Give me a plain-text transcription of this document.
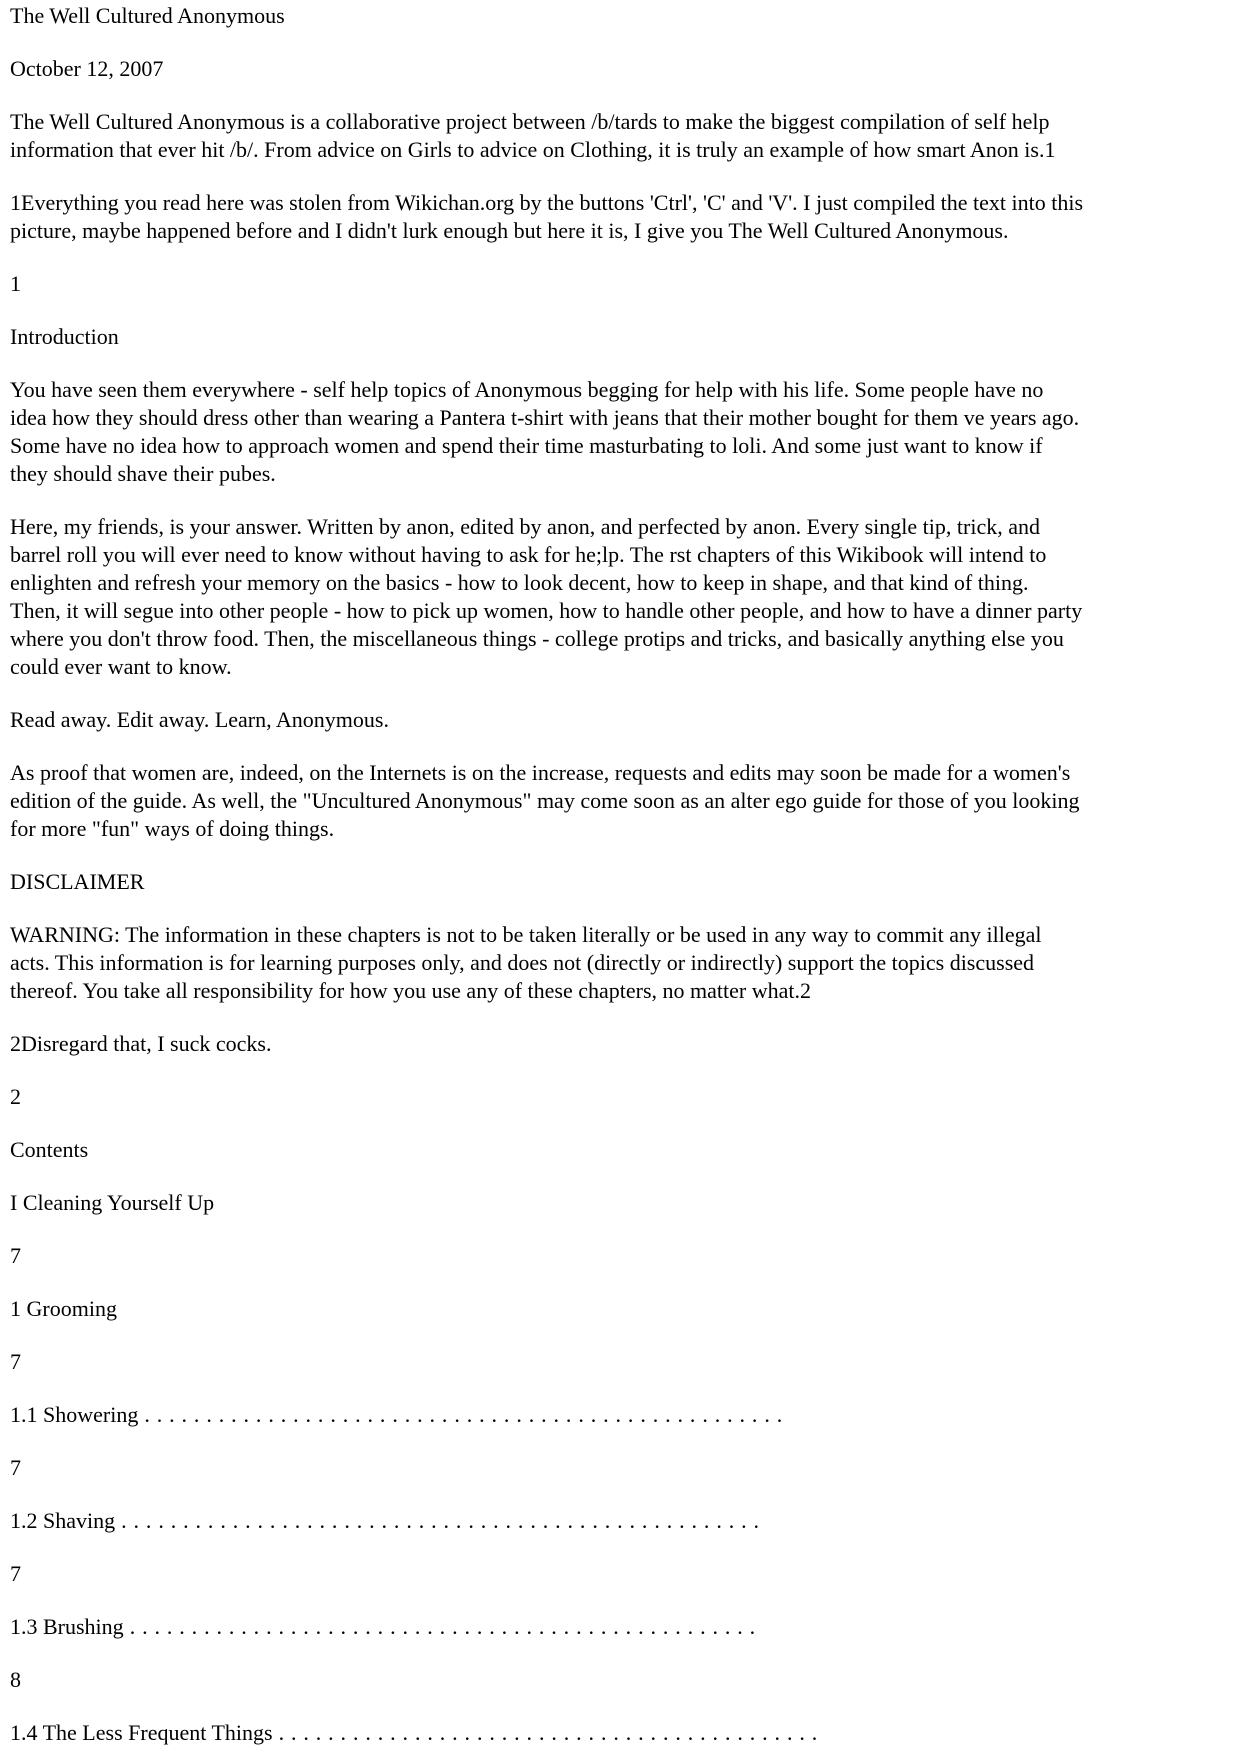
The Well Cultured Anonymous

October 12, 2007

The Well Cultured Anonymous is a collaborative project between /b/tards to make the biggest compilation of self help
information that ever hit /b/. From advice on Girls to advice on Clothing, it is truly an example of how smart Anon is.1

1Everything you read here was stolen from Wikichan.org by the buttons 'Ctrl', 'C' and 'V'. I just compiled the text into this
picture, maybe happened before and I didn't lurk enough but here it is, I give you The Well Cultured Anonymous.

1

Introduction

You have seen them everywhere - self help topics of Anonymous begging for help with his life. Some people have no
idea how they should dress other than wearing a Pantera t-shirt with jeans that their mother bought for them ve years ago.
Some have no idea how to approach women and spend their time masturbating to loli. And some just want to know if
they should shave their pubes.

Here, my friends, is your answer. Written by anon, edited by anon, and perfected by anon. Every single tip, trick, and
barrel roll you will ever need to know without having to ask for he;lp. The rst chapters of this Wikibook will intend to
enlighten and refresh your memory on the basics - how to look decent, how to keep in shape, and that kind of thing.
Then, it will segue into other people - how to pick up women, how to handle other people, and how to have a dinner party
where you don't throw food. Then, the miscellaneous things - college protips and tricks, and basically anything else you
could ever want to know.

Read away. Edit away. Learn, Anonymous.

As proof that women are, indeed, on the Internets is on the increase, requests and edits may soon be made for a women's
edition of the guide. As well, the "Uncultured Anonymous" may come soon as an alter ego guide for those of you looking
for more "fun" ways of doing things.

DISCLAIMER

WARNING: The information in these chapters is not to be taken literally or be used in any way to commit any illegal
acts. This information is for learning purposes only, and does not (directly or indirectly) support the topics discussed
thereof. You take all responsibility for how you use any of these chapters, no matter what.2

2Disregard that, I suck cocks.

2

Contents

I Cleaning Yourself Up

7

1 Grooming

7

1.1 Showering . . . . . . . . . . . . . . . . . . . . . . . . . . . . . . . . . . . . . . . . . . . . . . . . . . . .

7

1.2 Shaving . . . . . . . . . . . . . . . . . . . . . . . . . . . . . . . . . . . . . . . . . . . . . . . . . . . .

7

1.3 Brushing . . . . . . . . . . . . . . . . . . . . . . . . . . . . . . . . . . . . . . . . . . . . . . . . . . .

8

1.4 The Less Frequent Things . . . . . . . . . . . . . . . . . . . . . . . . . . . . . . . . . . . . . . . . . . . .
